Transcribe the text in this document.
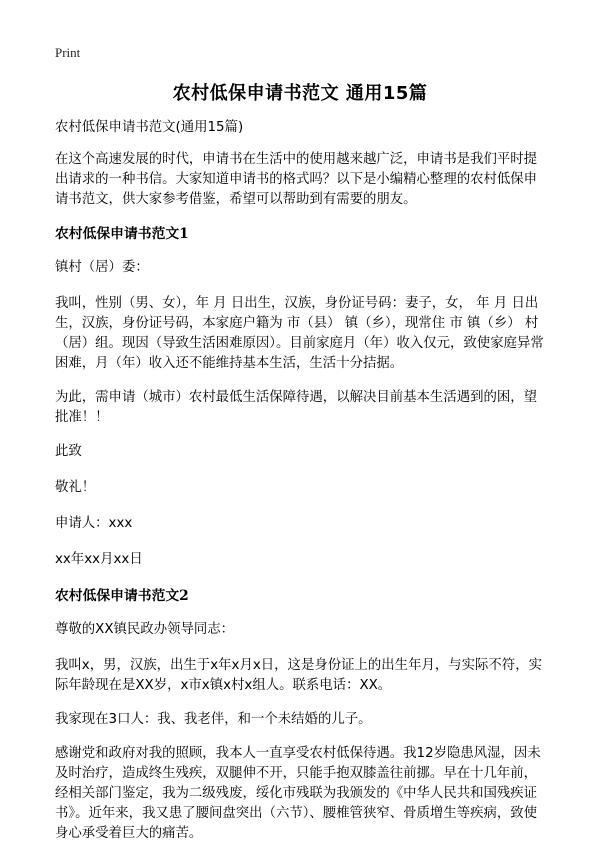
Print
农村低保申请书范文 通用15篇

农村低保申请书范文(通用15篇)

在这个高速发展的时代，申请书在生活中的使用越来越广泛，申请书是我们平时提出请求的一种书信。大家知道申请书的格式吗？以下是小编精心整理的农村低保申请书范文，供大家参考借鉴，希望可以帮助到有需要的朋友。

农村低保申请书范文1

镇村（居）委：

我叫，性别（男、女），年 月 日出生，汉族，身份证号码：妻子，女， 年 月 日出生，汉族，身份证号码，本家庭户籍为 市（县） 镇（乡），现常住 市 镇（乡） 村（居）组。现因（导致生活困难原因）。目前家庭月（年）收入仅元，致使家庭异常困难，月（年）收入还不能维持基本生活，生活十分拮据。

为此，需申请（城市）农村最低生活保障待遇，以解决目前基本生活遇到的困，望批准！！

此致

敬礼！

申请人：xxx

xx年xx月xx日

农村低保申请书范文2

尊敬的XX镇民政办领导同志：

我叫x，男，汉族，出生于x年x月x日，这是身份证上的出生年月，与实际不符，实际年龄现在是XX岁，x市x镇x村x组人。联系电话：XX。

我家现在3口人：我、我老伴，和一个未结婚的儿子。

感谢党和政府对我的照顾，我本人一直享受农村低保待遇。我12岁隐患风湿，因未及时治疗，造成终生残疾，双腿伸不开，只能手抱双膝盖往前挪。早在十几年前，经相关部门鉴定，我为二级残废，绥化市残联为我颁发的《中华人民共和国残疾证书》。近年来，我又患了腰间盘突出（六节）、腰椎管狭窄、骨质增生等疾病，致使身心承受着巨大的痛苦。
